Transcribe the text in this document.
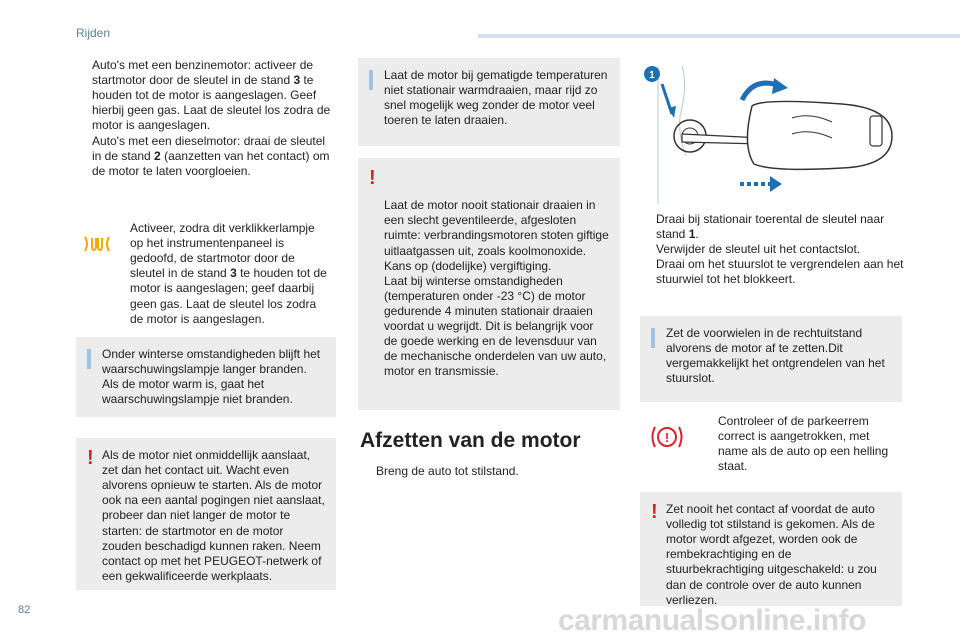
Rijden
Auto's met een benzinemotor: activeer de startmotor door de sleutel in de stand 3 te houden tot de motor is aangeslagen. Geef hierbij geen gas. Laat de sleutel los zodra de motor is aangeslagen.
Auto's met een dieselmotor: draai de sleutel in de stand 2 (aanzetten van het contact) om de motor te laten voorgloeien.
Activeer, zodra dit verklikkerlampje op het instrumentenpaneel is gedoofd, de startmotor door de sleutel in de stand 3 te houden tot de motor is aangeslagen; geef daarbij geen gas. Laat de sleutel los zodra de motor is aangeslagen.
Onder winterse omstandigheden blijft het waarschuwingslampje langer branden. Als de motor warm is, gaat het waarschuwingslampje niet branden.
! Als de motor niet onmiddellijk aanslaat, zet dan het contact uit. Wacht even alvorens opnieuw te starten. Als de motor ook na een aantal pogingen niet aanslaat, probeer dan niet langer de motor te starten: de startmotor en de motor zouden beschadigd kunnen raken. Neem contact op met het PEUGEOT-netwerk of een gekwalificeerde werkplaats.
Laat de motor bij gematigde temperaturen niet stationair warmdraaien, maar rijd zo snel mogelijk weg zonder de motor veel toeren te laten draaien.

!

Laat de motor nooit stationair draaien in een slecht geventileerde, afgesloten ruimte: verbrandingsmotoren stoten giftige uitlaatgassen uit, zoals koolmonoxide. Kans op (dodelijke) vergiftiging.
Laat bij winterse omstandigheden (temperaturen onder -23 °C) de motor gedurende 4 minuten stationair draaien voordat u wegrijdt. Dit is belangrijk voor de goede werking en de levensduur van de mechanische onderdelen van uw auto, motor en transmissie.

Afzetten van de motor
Breng de auto tot stilstand.
1
Draai bij stationair toerental de sleutel naar stand 1.
Verwijder de sleutel uit het contactslot.
Draai om het stuurslot te vergrendelen aan het stuurwiel tot het blokkeert.
Zet de voorwielen in de rechtuitstand alvorens de motor af te zetten.Dit vergemakkelijkt het ontgrendelen van het stuurslot.
!
Controleer of de parkeerrem correct is aangetrokken, met name als de auto op een helling staat.
! Zet nooit het contact af voordat de auto volledig tot stilstand is gekomen. Als de motor wordt afgezet, worden ook de rembekrachtiging en de stuurbekrachtiging uitgeschakeld: u zou dan de controle over de auto kunnen verliezen.
82	carmanualsonline.info
